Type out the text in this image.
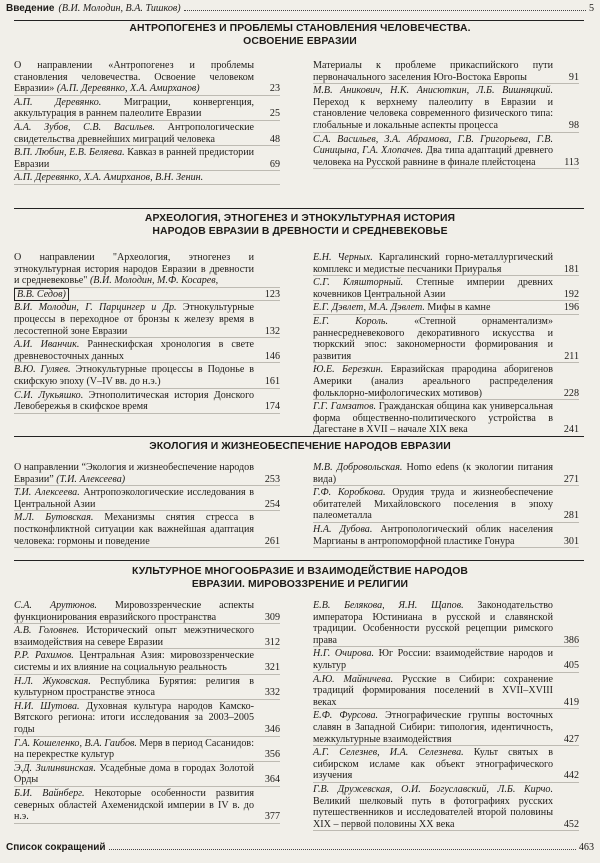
Введение (В.И. Молодин, В.А. Тишков)	5
АНТРОПОГЕНЕЗ И ПРОБЛЕМЫ СТАНОВЛЕНИЯ ЧЕЛОВЕЧЕСТВА.
ОСВОЕНИЕ ЕВРАЗИИ
О направлении «Антропогенез и проблемы становления человечества. Освоение человеком Евразии» (А.П. Деревянко, Х.А. Амирханов)	23
А.П. Деревянко. Миграции, конвергенция, аккультурация в раннем палеолите Евразии	25
А.А. Зубов, С.В. Васильев. Антропологические свидетельства древнейших миграций человека	48
В.П. Любин, Е.В. Беляева. Кавказ в ранней предистории Евразии	69
А.П. Деревянко, Х.А. Амирханов, В.Н. Зенин.
Материалы к проблеме прикаспийского пути первоначального заселения Юго-Востока Европы	91
М.В. Аникович, Н.К. Анисюткин, Л.Б. Вишняцкий. Переход к верхнему палеолиту в Евразии и становление человека современного физического типа: глобальные и локальные аспекты процесса	98
С.А. Васильев, З.А. Абрамова, Г.В. Григорьева, Г.В. Синицына, Г.А. Хлопачев. Два типа адаптаций древнего человека на Русской равнине в финале плейстоцена	113
АРХЕОЛОГИЯ, ЭТНОГЕНЕЗ И ЭТНОКУЛЬТУРНАЯ ИСТОРИЯ
НАРОДОВ ЕВРАЗИИ В ДРЕВНОСТИ И СРЕДНЕВЕКОВЬЕ
О направлении "Археология, этногенез и этнокультурная история народов Евразии в древности и средневековье" (В.И. Молодин, М.Ф. Косарев,
В.В. Седов)	123
В.И. Молодин, Г. Парцингер и Др. Этнокультурные процессы в переходное от бронзы к железу время в лесостепной зоне Евразии	132
А.И. Иванчик. Раннескифская хронология в свете древневосточных данных	146
В.Ю. Гуляев. Этнокультурные процессы в Подонье в скифскую эпоху (V–IV вв. до н.э.)	161
С.И. Лукьяшко. Этнополитическая история Донского Левобережья в скифское время	174
Е.Н. Черных. Каргалинский горно-металлургический комплекс и медистые песчаники Приуралья	181
С.Г. Кляшторный. Степные империи древних кочевников Центральной Азии	192
Е.Г. Дэвлет, М.А. Дэвлет. Мифы в камне	196
Е.Г. Король. «Степной орнаментализм» раннесредневекового декоративного искусства и тюркский эпос: закономерности формирования и развития	211
Ю.Е. Березкин. Евразийская прародина аборигенов Америки (анализ ареального распределения фольклорно-мифологических мотивов)	228
Г.Г. Гамзатов. Гражданская община как универсальная форма общественно-политического устройства в Дагестане в XVII – начале XIX века	241
ЭКОЛОГИЯ И ЖИЗНЕОБЕСПЕЧЕНИЕ НАРОДОВ ЕВРАЗИИ
О направлении “Экология и жизнеобеспечение народов Евразии” (Т.И. Алексеева)	253
Т.И. Алексеева. Антропоэкологические исследования в Центральной Азии	254
М.Л. Бутовская. Механизмы снятия стресса в постконфликтной ситуации как важнейшая адаптация человека: гормоны и поведение	261
М.В. Добровольская. Homo edens (к экологии питания вида)	271
Г.Ф. Коробкова. Орудия труда и жизнеобеспечение обитателей Михайловского поселения в эпоху палеометалла	281
Н.А. Дубова. Антропологический облик населения Маргианы в антропоморфной пластике Гонура	301
КУЛЬТУРНОЕ МНОГООБРАЗИЕ И ВЗАИМОДЕЙСТВИЕ НАРОДОВ
ЕВРАЗИИ. МИРОВОЗЗРЕНИЕ И РЕЛИГИИ
С.А. Арутюнов. Мировоззренческие аспекты функционирования евразийского пространства	309
А.В. Головнев. Исторический опыт межэтнического взаимодействия на севере Евразии	312
Р.Р. Рахимов. Центральная Азия: мировоззренческие системы и их влияние на социальную реальность	321
Н.Л. Жуковская. Республика Бурятия: религия в культурном пространстве этноса	332
Н.И. Шутова. Духовная культура народов Камско-Вятского региона: итоги исследования за 2003–2005 годы	346
Г.А. Кошеленко, В.А. Гаибов. Мерв в период Сасанидов: на перекрестке культур	356
Э.Д. Зилинвинская. Усадебные дома в городах Золотой Орды	364
Б.И. Вайнберг. Некоторые особенности развития северных областей Ахеменидской империи в IV в. до н.э.	377
Е.В. Белякова, Я.Н. Щапов. Законодательство императора Юстиниана в русской и славянской традиции. Особенности русской рецепции римского права	386
Н.Г. Очирова. Юг России: взаимодействие народов и культур	405
А.Ю. Майничева. Русские в Сибири: сохранение традиций формирования поселений в XVII–XVIII веках	419
Е.Ф. Фурсова. Этнографические группы восточных славян в Западной Сибири: типология, идентичность, межкультурные взаимодействия	427
А.Г. Селезнев, И.А. Селезнева. Культ святых в сибирском исламе как объект этнографического изучения	442
Г.В. Дружевская, О.И. Богуславский, Л.Б. Кирчо. Великий шелковый путь в фотографиях русских путешественников и исследователей второй половины XIX – первой половины XX века	452
Список сокращений	463
